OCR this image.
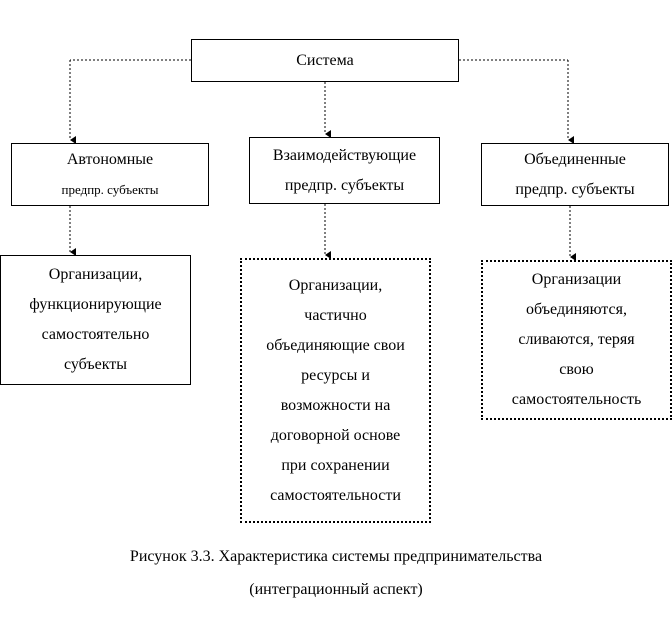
Система
Автономные
предпр. субъекты
Взаимодействующие
предпр. субъекты
Объединенные
предпр. субъекты
Организации,
функционирующие
самостоятельно
субъекты
Организации,
частично
объединяющие свои
ресурсы и
возможности на
договорной основе
при сохранении
самостоятельности
Организации
объединяются,
сливаются, теряя
свою
самостоятельность
Рисунок 3.3. Характеристика системы предпринимательства
(интеграционный аспект)
